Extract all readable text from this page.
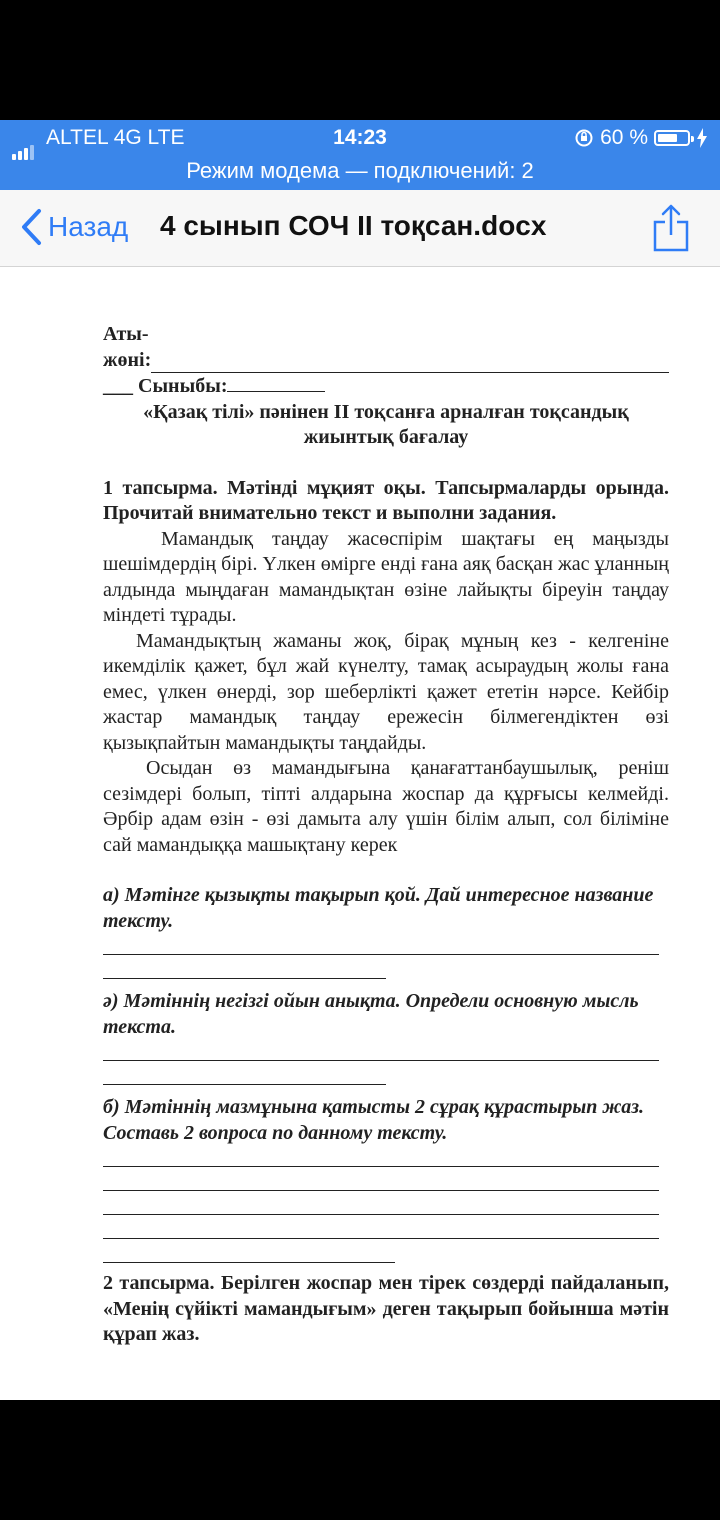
ALTEL 4G LTE	14:23	60 %
Режим модема — подключений: 2
Назад 4 сынып СОЧ II тоқсан.docx

Аты-

жөні:

___ Сыныбы:

«Қазақ тілі» пәнінен ІІ тоқсанға арналған тоқсандық

жиынтық бағалау

1 тапсырма. Мәтінді мұқият оқы. Тапсырмаларды орында. Прочитай внимательно текст и выполни задания.

Мамандық таңдау жасөспірім шақтағы ең маңызды шешімдердің бірі. Үлкен өмірге енді ғана аяқ басқан жас ұланның алдында мыңдаған мамандықтан өзіне лайықты біреуін таңдау міндеті тұрады.

Мамандықтың жаманы жоқ, бірақ мұның кез - келгеніне икемділік қажет, бұл жай күнелту, тамақ асыраудың жолы ғана емес, үлкен өнерді, зор шеберлікті қажет ететін нәрсе. Кейбір жастар мамандық таңдау ережесін білмегендіктен өзі қызықпайтын мамандықты таңдайды.

Осыдан өз мамандығына қанағаттанбаушылық, реніш сезімдері болып, тіпті алдарына жоспар да құрғысы келмейді. Әрбір адам өзін - өзі дамыта алу үшін білім алып, сол біліміне сай мамандыққа машықтану керек

а) Мәтінге қызықты тақырып қой. Дай интересное название тексту.

ә) Мәтіннің негізгі ойын анықта. Определи основную мысль текста.

б) Мәтіннің мазмұнына қатысты 2 сұрақ құрастырып жаз. Составь 2 вопроса по данному тексту.

2 тапсырма. Берілген жоспар мен тірек сөздерді пайдаланып, «Менің сүйікті мамандығым» деген тақырып бойынша мәтін құрап жаз.
